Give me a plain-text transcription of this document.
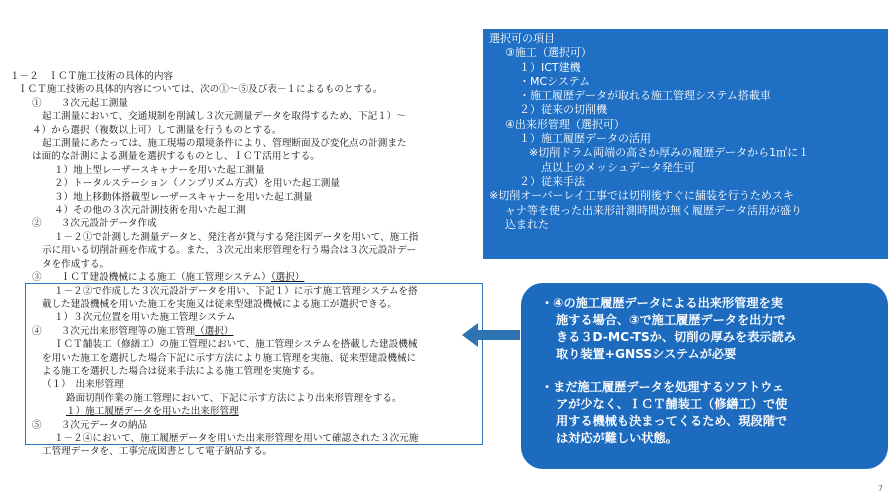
１－２　ＩＣＴ施工技術の具体的内容
ＩＣＴ施工技術の具体的内容については、次の①～⑤及び表－１によるものとする。
①　　３次元起工測量
起工測量において、交通規制を削減し３次元測量データを取得するため、下記１）～
４）から選択（複数以上可）して測量を行うものとする。
起工測量にあたっては、施工現場の環境条件により、管理断面及び変化点の計測また
は面的な計測による測量を選択するものとし、ＩＣＴ活用とする。
１）地上型レーザースキャナーを用いた起工測量
２）トータルステーション（ノンプリズム方式）を用いた起工測量
３）地上移動体搭載型レーザースキャナーを用いた起工測量
４）その他の３次元計測技術を用いた起工測
②　　３次元設計データ作成
１－２①で計測した測量データと、発注者が貸与する発注図データを用いて、施工指
示に用いる切削計画を作成する。また、３次元出来形管理を行う場合は３次元設計デー
タを作成する。
③　　ＩＣＴ建設機械による施工（施工管理システム）（選択）
１－２②で作成した３次元設計データを用い、下記１）に示す施工管理システムを搭
載した建設機械を用いた施工を実施又は従来型建設機械による施工が選択できる。
１）３次元位置を用いた施工管理システム
④　　３次元出来形管理等の施工管理（選択）
ＩＣＴ舗装工（修繕工）の施工管理において、施工管理システムを搭載した建設機械
を用いた施工を選択した場合下記に示す方法により施工管理を実施、従来型建設機械に
よる施工を選択した場合は従来手法による施工管理を実施する。
（１）　出来形管理
路面切削作業の施工管理において、下記に示す方法により出来形管理をする。
１）施工履歴データを用いた出来形管理
⑤　　３次元データの納品
１－２④において、施工履歴データを用いた出来形管理を用いて確認された３次元施
工管理データを、工事完成図書として電子納品する。
選択可の項目
③施工（選択可）
１）ICT建機
・MCシステム
・施工履歴データが取れる施工管理システム搭載車
２）従来の切削機
④出来形管理（選択可）
１）施工履歴データの活用
※切削ドラム両端の高さか厚みの履歴データから1㎡に１
点以上のメッシュデータ発生可
２）従来手法
※切削オーバーレイ工事では切削後すぐに舗装を行うためスキ
ャナ等を使った出来形計測時間が無く履歴データ活用が盛り
込まれた
・④の施工履歴データによる出来形管理を実
施する場合、③で施工履歴データを出力で
きる３D-MC-TSか、切削の厚みを表示読み
取り装置+GNSSシステムが必要
・まだ施工履歴データを処理するソフトウェ
アが少なく、ＩＣＴ舗装工（修繕工）で使
用する機械も決まってくるため、現段階で
は対応が難しい状態。
7
